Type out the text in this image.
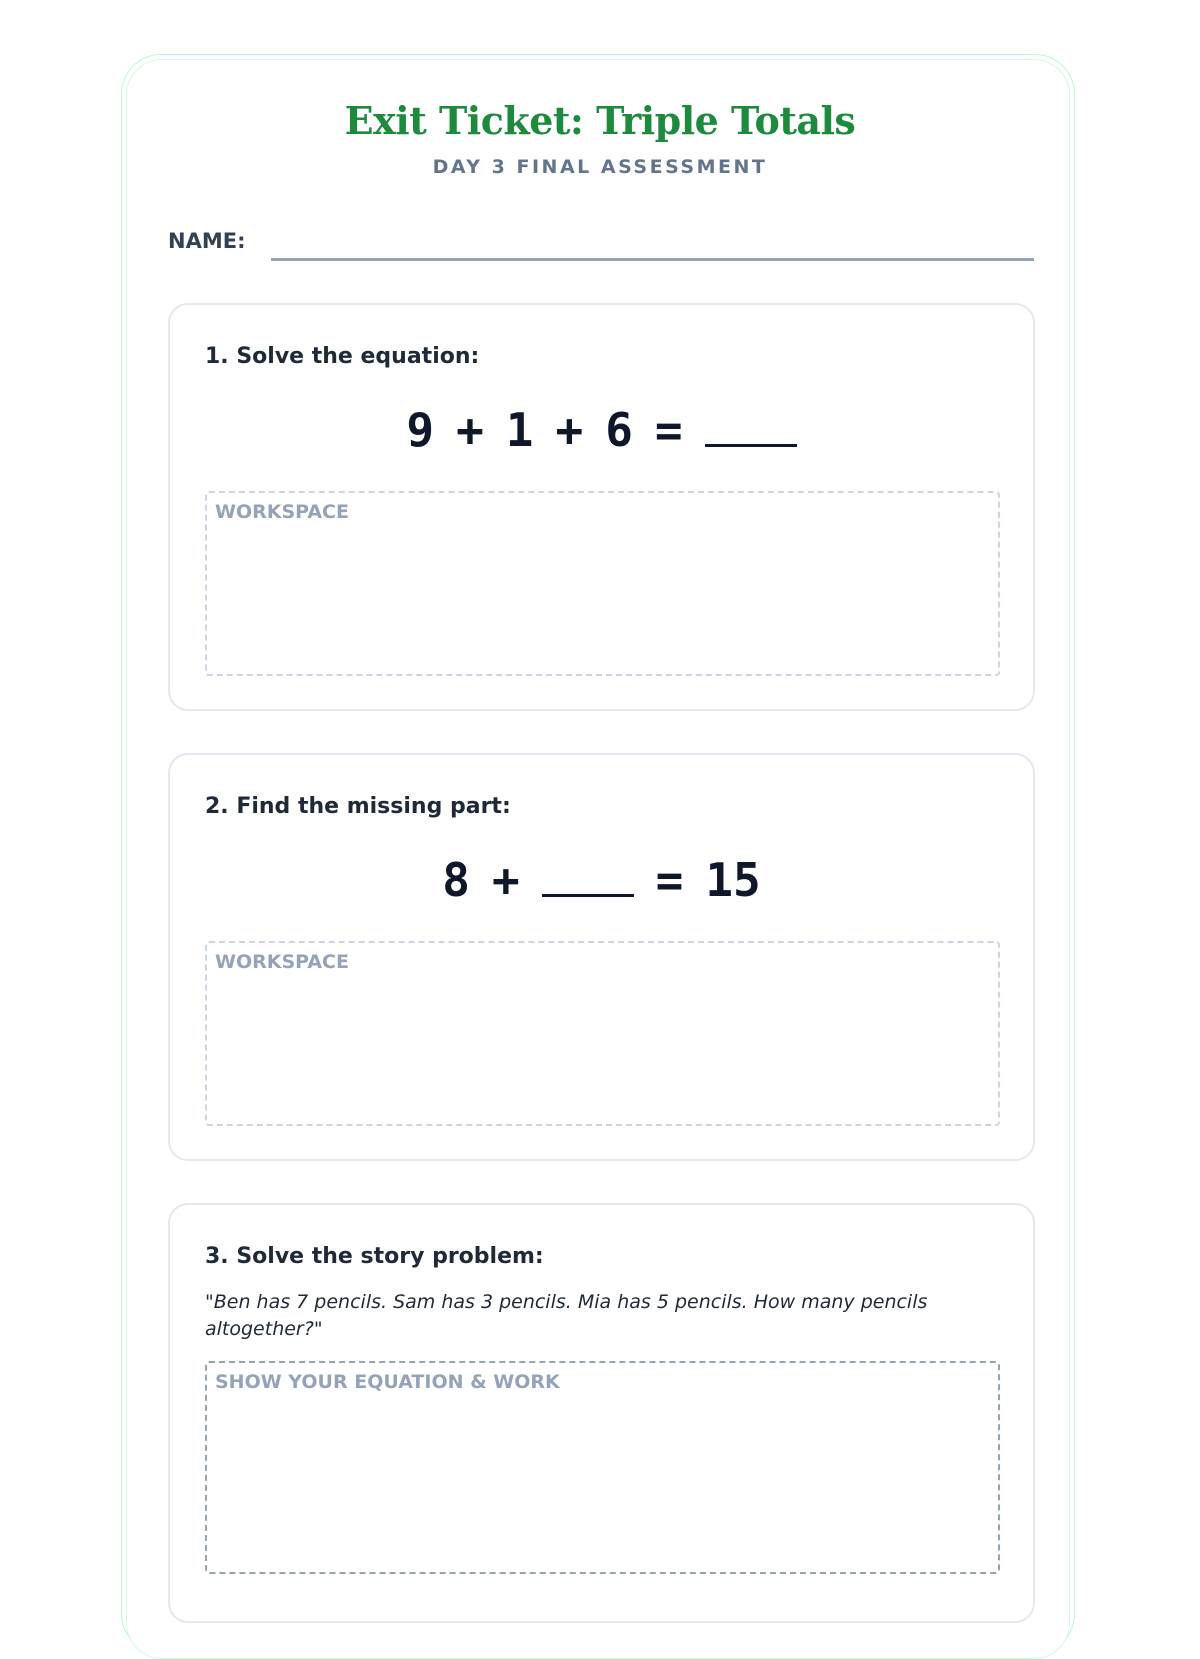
Exit Ticket: Triple Totals
DAY 3 FINAL ASSESSMENT
NAME:
1. Solve the equation:
9 + 1 + 6 =
WORKSPACE
2. Find the missing part:
8 +	= 15
WORKSPACE
3. Solve the story problem:
"Ben has 7 pencils. Sam has 3 pencils. Mia has 5 pencils. How many pencils altogether?"
SHOW YOUR EQUATION & WORK
